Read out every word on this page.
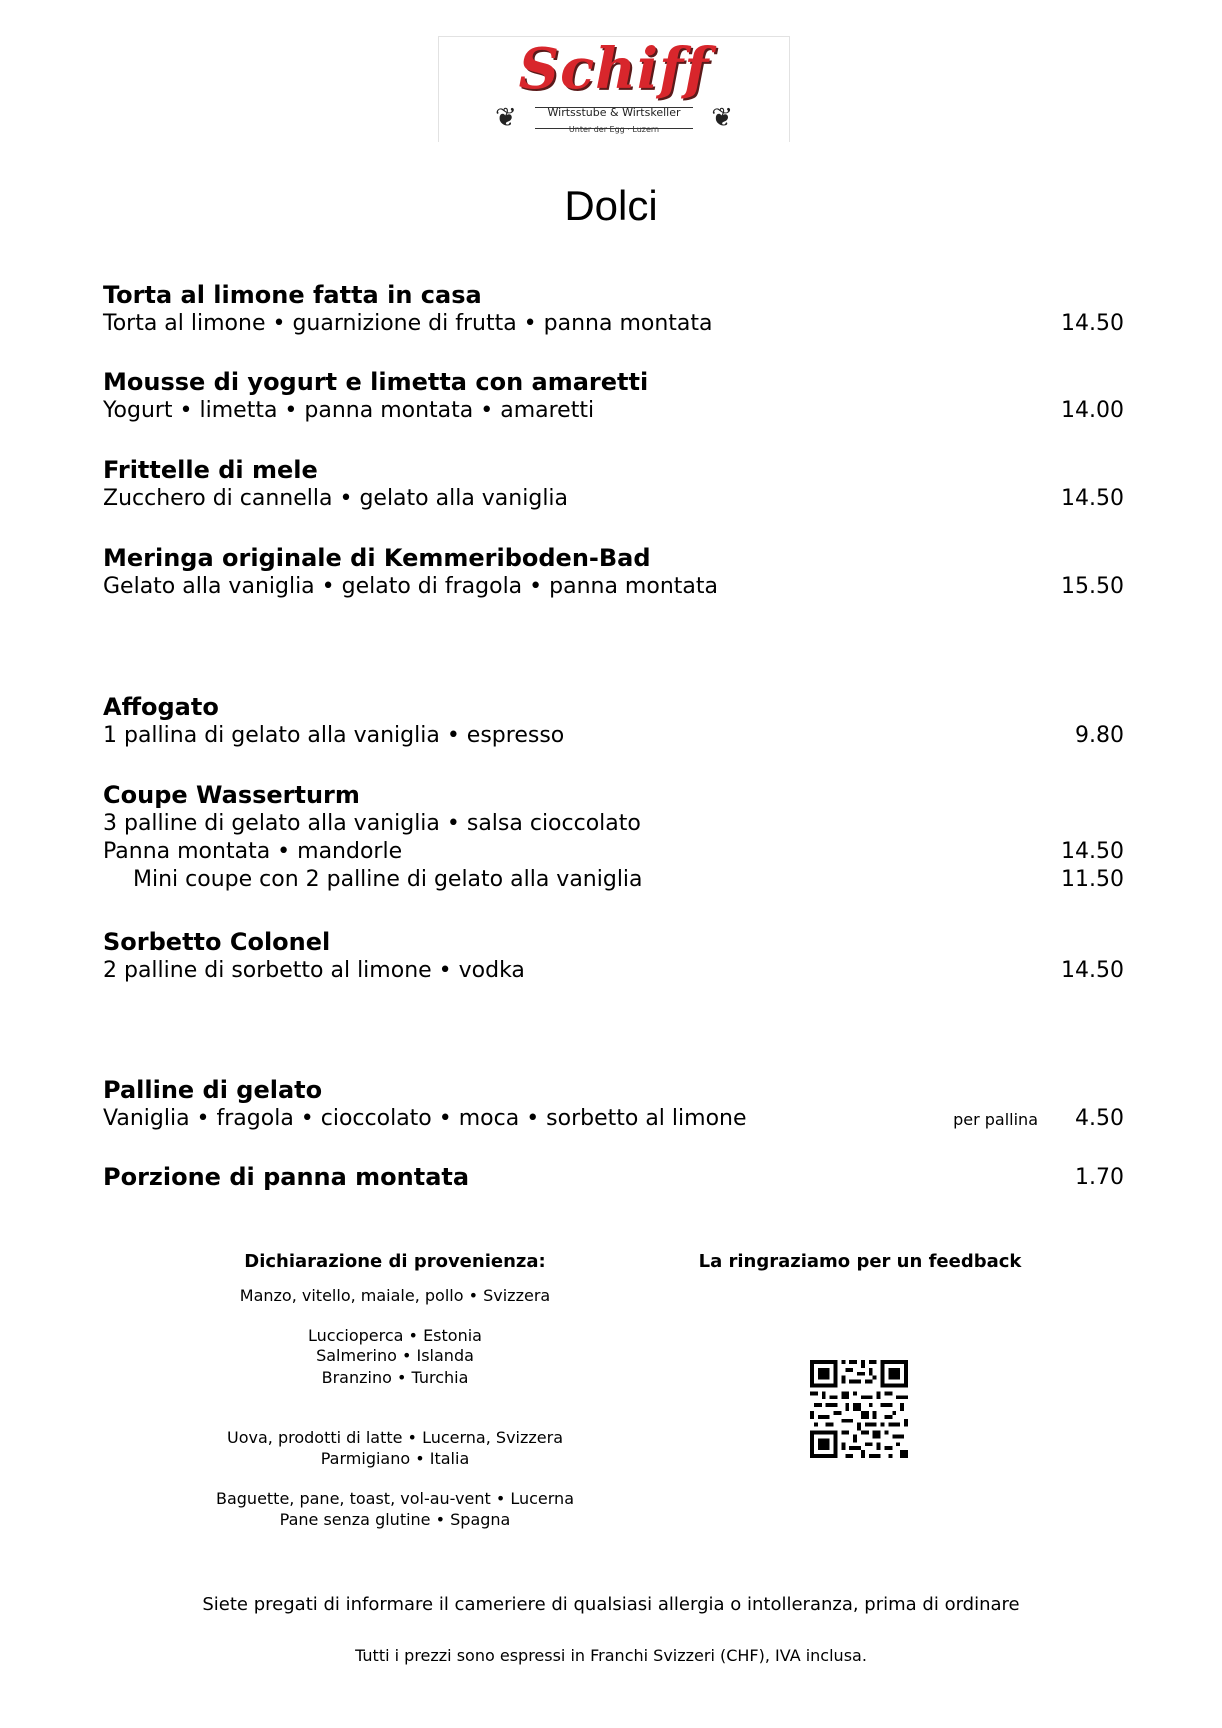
Schiff
❦	❦
Wirtsstube & Wirtskeller
Unter der Egg · Luzern
Dolci
Torta al limone fatta in casa
Torta al limone • guarnizione di frutta • panna montata	14.50
Mousse di yogurt e limetta con amaretti
Yogurt • limetta • panna montata • amaretti	14.00
Frittelle di mele
Zucchero di cannella • gelato alla vaniglia	14.50
Meringa originale di Kemmeriboden-Bad
Gelato alla vaniglia • gelato di fragola • panna montata	15.50
Affogato
1 pallina di gelato alla vaniglia • espresso	9.80
Coupe Wasserturm
3 palline di gelato alla vaniglia • salsa cioccolato
Panna montata • mandorle	14.50
Mini coupe con 2 palline di gelato alla vaniglia	11.50
Sorbetto Colonel
2 palline di sorbetto al limone • vodka	14.50
Palline di gelato
Vaniglia • fragola • cioccolato • moca • sorbetto al limone	per pallina 4.50
Porzione di panna montata	1.70
Dichiarazione di provenienza:
Manzo, vitello, maiale, pollo • Svizzera
Luccioperca • Estonia
Salmerino • Islanda
Branzino • Turchia
Uova, prodotti di latte • Lucerna, Svizzera
Parmigiano • Italia
Baguette, pane, toast, vol-au-vent • Lucerna
Pane senza glutine • Spagna
La ringraziamo per un feedback
Siete pregati di informare il cameriere di qualsiasi allergia o intolleranza, prima di ordinare
Tutti i prezzi sono espressi in Franchi Svizzeri (CHF), IVA inclusa.
